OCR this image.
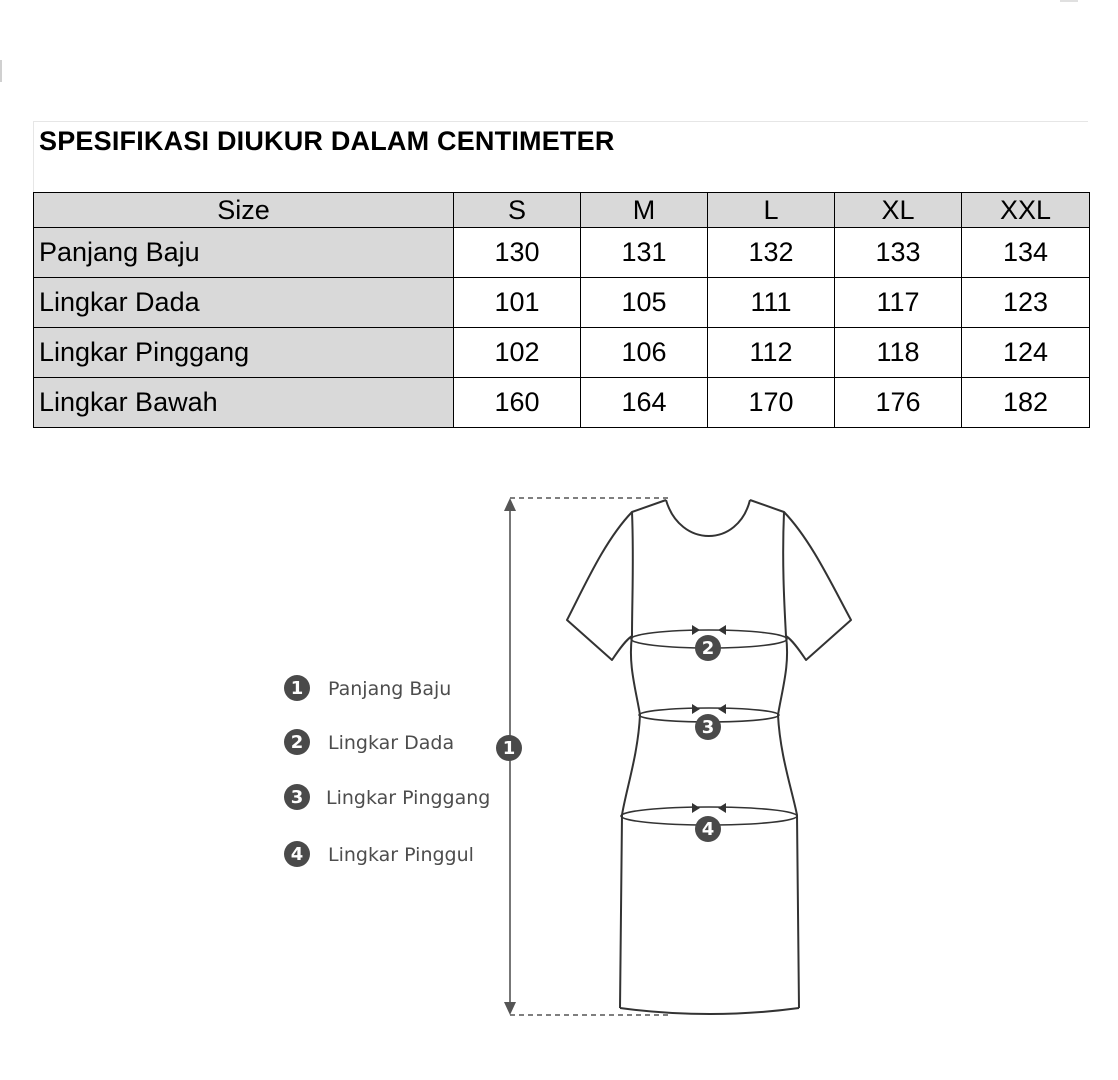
SPESIFIKASI DIUKUR DALAM CENTIMETER
Size	S	M	L	XL	XXL
Panjang Baju	130	131	132	133	134
Lingkar Dada	101	105	111	117	123
Lingkar Pinggang	102	106	112	118	124
Lingkar Bawah	160	164	170	176	182
1 Panjang Baju
2 Lingkar Dada
3 Lingkar Pinggang
4 Lingkar Pinggul
1
2
3
4
